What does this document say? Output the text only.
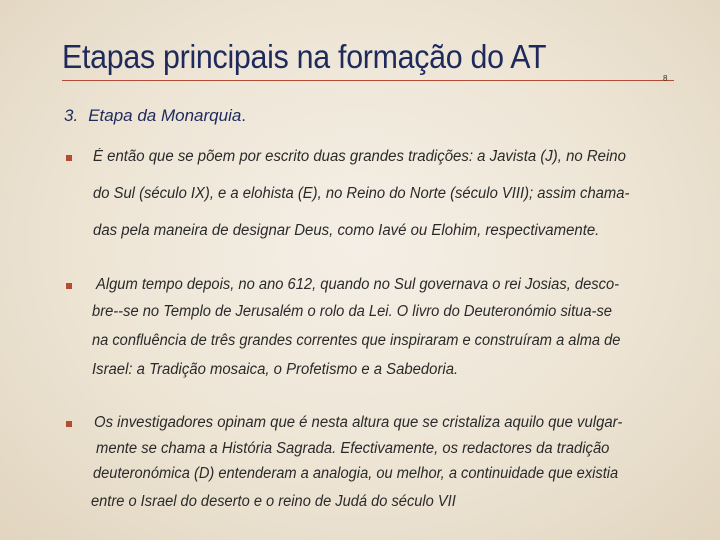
Etapas principais na formação do AT
8
3. Etapa da Monarquia.
É então que se põem por escrito duas grandes tradições: a Javista (J), no Reino
do Sul (século IX), e a elohista (E), no Reino do Norte (século VIII); assim chama-
das pela maneira de designar Deus, como Iavé ou Elohim, respectivamente.
Algum tempo depois, no ano 612, quando no Sul governava o rei Josias, desco-
bre--se no Templo de Jerusalém o rolo da Lei. O livro do Deuteronómio situa-se
na confluência de três grandes correntes que inspiraram e construíram a alma de
Israel: a Tradição mosaica, o Profetismo e a Sabedoria.
Os investigadores opinam que é nesta altura que se cristaliza aquilo que vulgar-
mente se chama a História Sagrada. Efectivamente, os redactores da tradição
deuteronómica (D) entenderam a analogia, ou melhor, a continuidade que existia
entre o Israel do deserto e o reino de Judá do século VII
